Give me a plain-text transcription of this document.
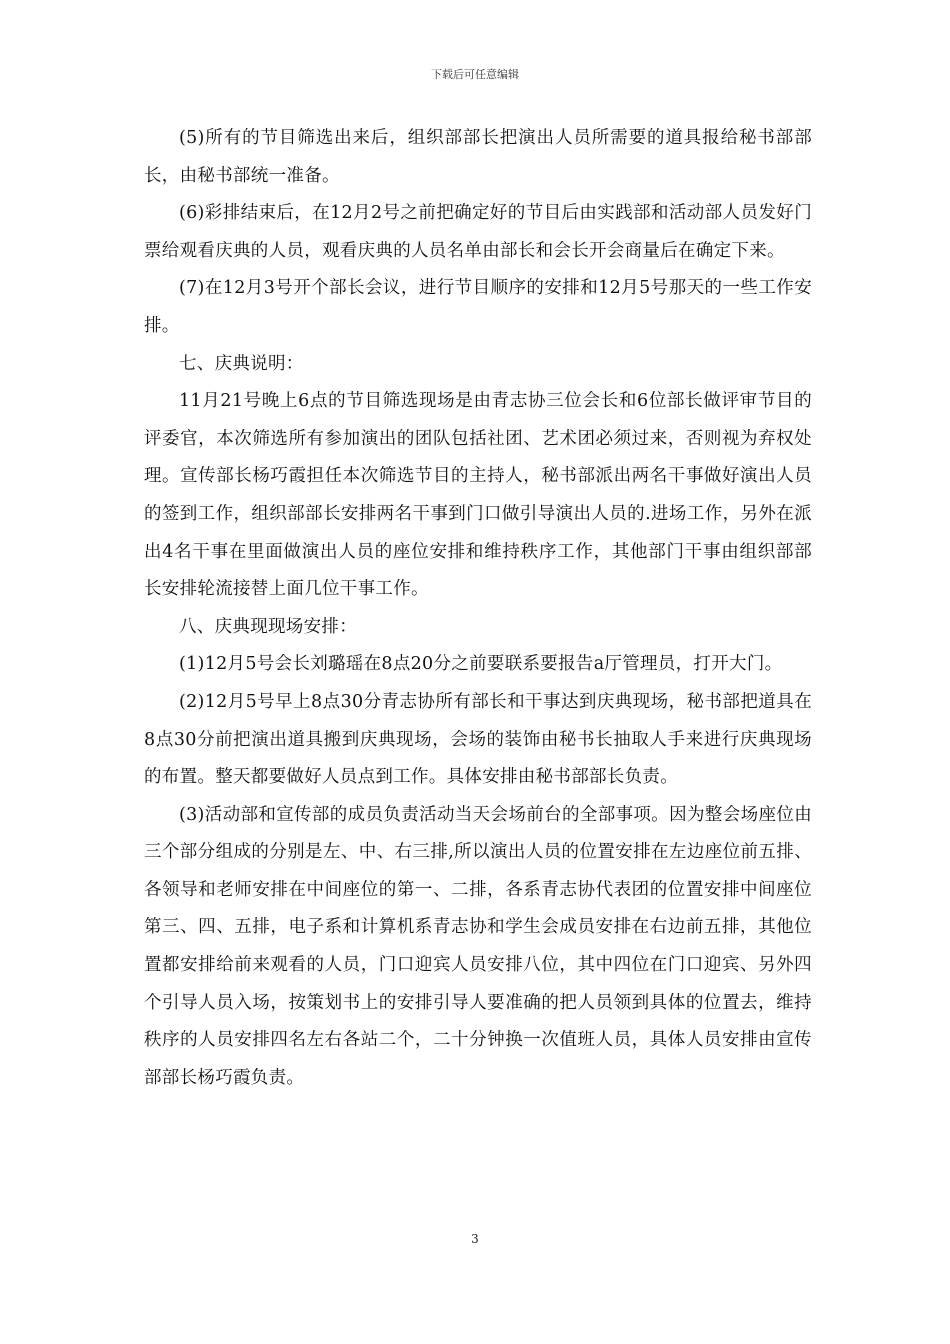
下载后可任意编辑

(5)所有的节目筛选出来后，组织部部长把演出人员所需要的道具报给秘书部部长，由秘书部统一准备。

(6)彩排结束后，在12月2号之前把确定好的节目后由实践部和活动部人员发好门票给观看庆典的人员，观看庆典的人员名单由部长和会长开会商量后在确定下来。

(7)在12月3号开个部长会议，进行节目顺序的安排和12月5号那天的一些工作安排。

七、庆典说明：

11月21号晚上6点的节目筛选现场是由青志协三位会长和6位部长做评审节目的评委官，本次筛选所有参加演出的团队包括社团、艺术团必须过来，否则视为弃权处理。宣传部长杨巧霞担任本次筛选节目的主持人，秘书部派出两名干事做好演出人员的签到工作，组织部部长安排两名干事到门口做引导演出人员的.进场工作，另外在派出4名干事在里面做演出人员的座位安排和维持秩序工作，其他部门干事由组织部部长安排轮流接替上面几位干事工作。

八、庆典现现场安排：

(1)12月5号会长刘璐瑶在8点20分之前要联系要报告a厅管理员，打开大门。

(2)12月5号早上8点30分青志协所有部长和干事达到庆典现场，秘书部把道具在8点30分前把演出道具搬到庆典现场，会场的装饰由秘书长抽取人手来进行庆典现场的布置。整天都要做好人员点到工作。具体安排由秘书部部长负责。

(3)活动部和宣传部的成员负责活动当天会场前台的全部事项。因为整会场座位由三个部分组成的分别是左、中、右三排,所以演出人员的位置安排在左边座位前五排、各领导和老师安排在中间座位的第一、二排，各系青志协代表团的位置安排中间座位第三、四、五排，电子系和计算机系青志协和学生会成员安排在右边前五排，其他位置都安排给前来观看的人员，门口迎宾人员安排八位，其中四位在门口迎宾、另外四个引导人员入场，按策划书上的安排引导人要准确的把人员领到具体的位置去，维持秩序的人员安排四名左右各站二个，二十分钟换一次值班人员，具体人员安排由宣传部部长杨巧霞负责。

3
